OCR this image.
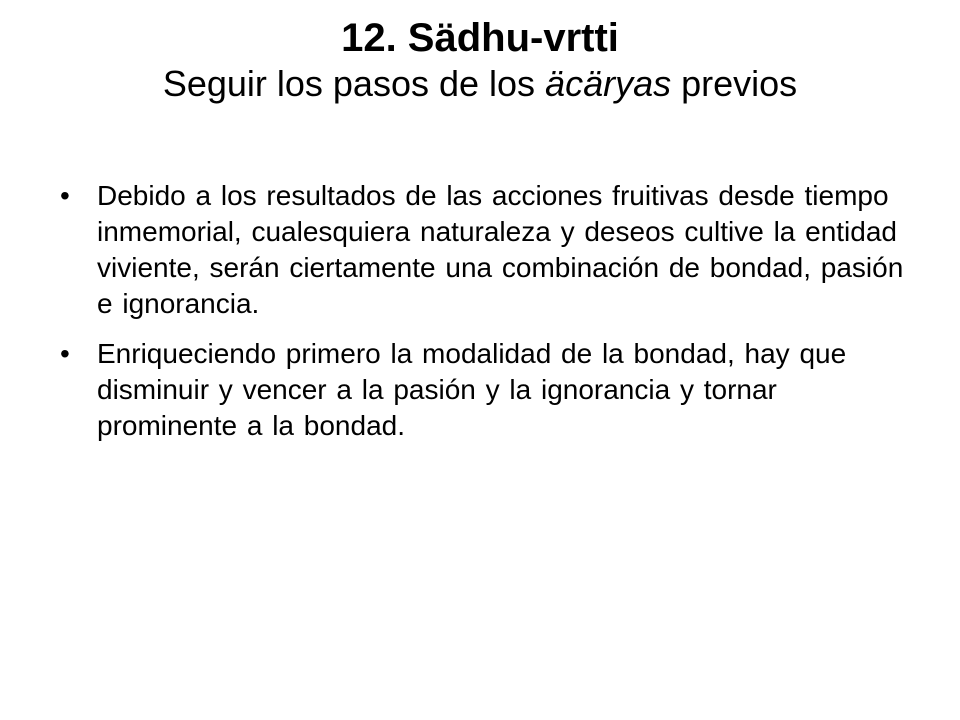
12. Sädhu-vrtti

Seguir los pasos de los äcäryas previos

• Debido a los resultados de las acciones fruitivas desde tiempo inmemorial, cualesquiera naturaleza y deseos cultive la entidad viviente, serán ciertamente una combinación de bondad, pasión e ignorancia.
• Enriqueciendo primero la modalidad de la bondad, hay que disminuir y vencer a la pasión y la ignorancia y tornar prominente a la bondad.
